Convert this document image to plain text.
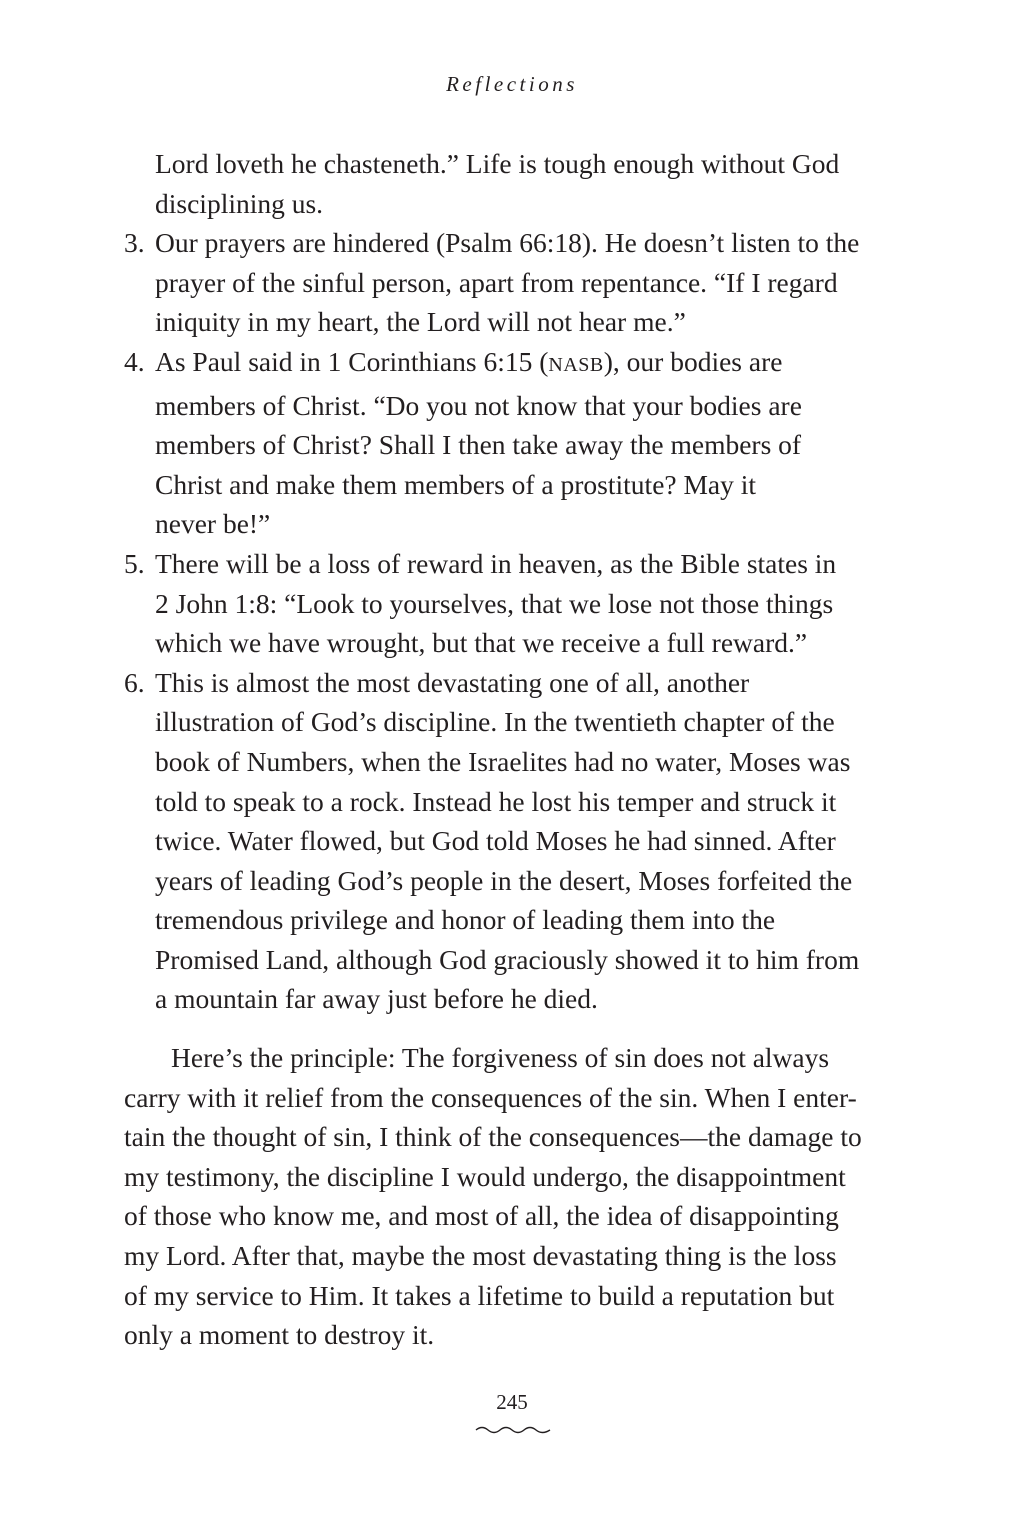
Reflections
Lord loveth he chasteneth.” Life is tough enough without God
disciplining us.
3. Our prayers are hindered (Psalm 66:18). He doesn’t listen to the
prayer of the sinful person, apart from repentance. “If I regard
iniquity in my heart, the Lord will not hear me.”
4. As Paul said in 1 Corinthians 6:15 (NASB), our bodies are
members of Christ. “Do you not know that your bodies are
members of Christ? Shall I then take away the members of
Christ and make them members of a prostitute? May it
never be!”
5. There will be a loss of reward in heaven, as the Bible states in
2 John 1:8: “Look to yourselves, that we lose not those things
which we have wrought, but that we receive a full reward.”
6. This is almost the most devastating one of all, another
illustration of God’s discipline. In the twentieth chapter of the
book of Numbers, when the Israelites had no water, Moses was
told to speak to a rock. Instead he lost his temper and struck it
twice. Water flowed, but God told Moses he had sinned. After
years of leading God’s people in the desert, Moses forfeited the
tremendous privilege and honor of leading them into the
Promised Land, although God graciously showed it to him from
a mountain far away just before he died.
Here’s the principle: The forgiveness of sin does not always
carry with it relief from the consequences of the sin. When I enter-
tain the thought of sin, I think of the consequences—the damage to
my testimony, the discipline I would undergo, the disappointment
of those who know me, and most of all, the idea of disappointing
my Lord. After that, maybe the most devastating thing is the loss
of my service to Him. It takes a lifetime to build a reputation but
only a moment to destroy it.
245
